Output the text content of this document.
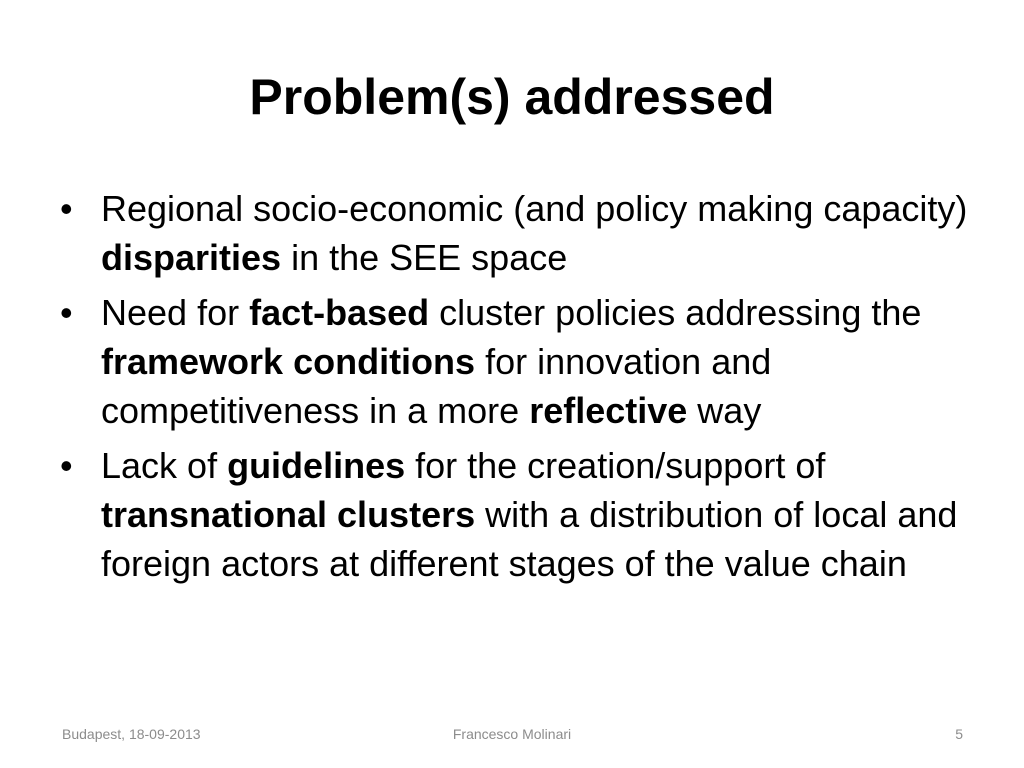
Problem(s) addressed
• Regional socio-economic (and policy making capacity) disparities in the SEE space
• Need for fact-based cluster policies addressing the framework conditions for innovation and competitiveness in a more reflective way
• Lack of guidelines for the creation/support of transnational clusters with a distribution of local and foreign actors at different stages of the value chain
Budapest, 18-09-2013	Francesco Molinari	5
